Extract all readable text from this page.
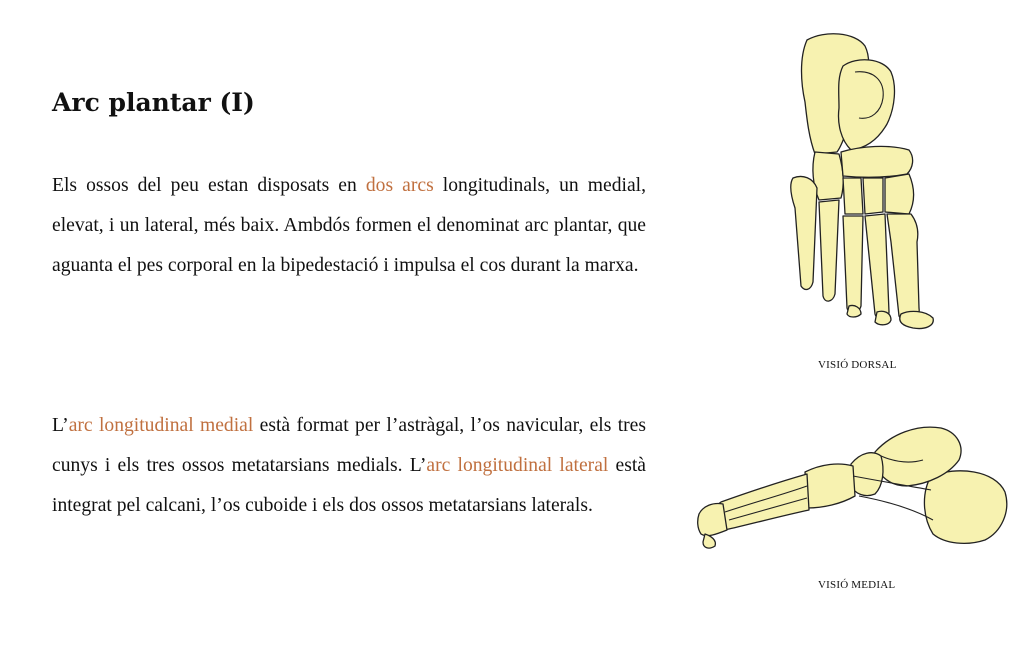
Arc plantar (I)

Els ossos del peu estan disposats en dos arcs longitudinals, un medial, elevat, i un lateral, més baix. Ambdós formen el denominat arc plantar, que aguanta el pes corporal en la bipedestació i impulsa el cos durant la marxa.

L’arc longitudinal medial està format per l’astràgal, l’os navicular, els tres cunys i els tres ossos metatarsians medials. L’arc longitudinal lateral està integrat pel calcani, l’os cuboide i els dos ossos metatarsians laterals.

VISIÓ DORSAL
VISIÓ MEDIAL
